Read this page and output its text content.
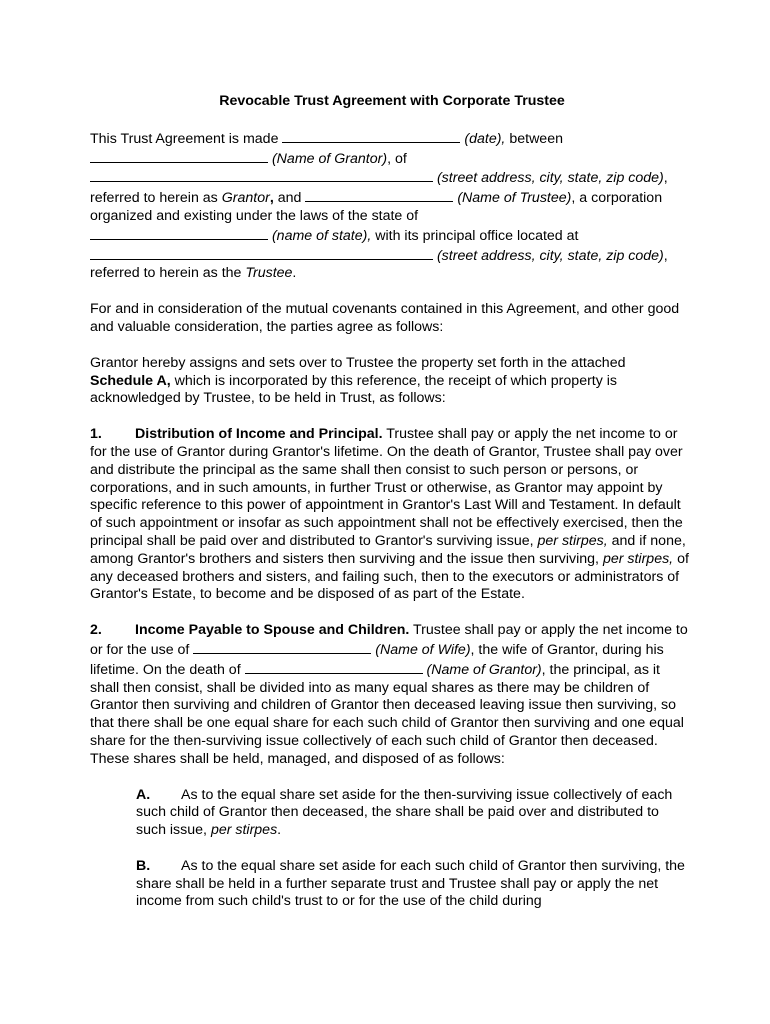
Revocable Trust Agreement with Corporate Trustee

This Trust Agreement is made	(date), between
(Name of Grantor), of
(street address, city, state, zip code), referred to herein as Grantor, and	(Name of Trustee), a corporation organized and existing under the laws of the state of
(name of state), with its principal office located at
(street address, city, state, zip code), referred to herein as the Trustee.

For and in consideration of the mutual covenants contained in this Agreement, and other good and valuable consideration, the parties agree as follows:

Grantor hereby assigns and sets over to Trustee the property set forth in the attached Schedule A, which is incorporated by this reference, the receipt of which property is acknowledged by Trustee, to be held in Trust, as follows:

1. Distribution of Income and Principal. Trustee shall pay or apply the net income to or for the use of Grantor during Grantor's lifetime. On the death of Grantor, Trustee shall pay over and distribute the principal as the same shall then consist to such person or persons, or corporations, and in such amounts, in further Trust or otherwise, as Grantor may appoint by specific reference to this power of appointment in Grantor's Last Will and Testament. In default of such appointment or insofar as such appointment shall not be effectively exercised, then the principal shall be paid over and distributed to Grantor's surviving issue, per stirpes, and if none, among Grantor's brothers and sisters then surviving and the issue then surviving, per stirpes, of any deceased brothers and sisters, and failing such, then to the executors or administrators of Grantor's Estate, to become and be disposed of as part of the Estate.

2. Income Payable to Spouse and Children. Trustee shall pay or apply the net income to or for the use of	(Name of Wife), the wife of Grantor, during his lifetime. On the death of	(Name of Grantor), the principal, as it shall then consist, shall be divided into as many equal shares as there may be children of Grantor then surviving and children of Grantor then deceased leaving issue then surviving, so that there shall be one equal share for each such child of Grantor then surviving and one equal share for the then-surviving issue collectively of each such child of Grantor then deceased. These shares shall be held, managed, and disposed of as follows:

A. As to the equal share set aside for the then-surviving issue collectively of each such child of Grantor then deceased, the share shall be paid over and distributed to such issue, per stirpes.

B. As to the equal share set aside for each such child of Grantor then surviving, the share shall be held in a further separate trust and Trustee shall pay or apply the net income from such child's trust to or for the use of the child during
